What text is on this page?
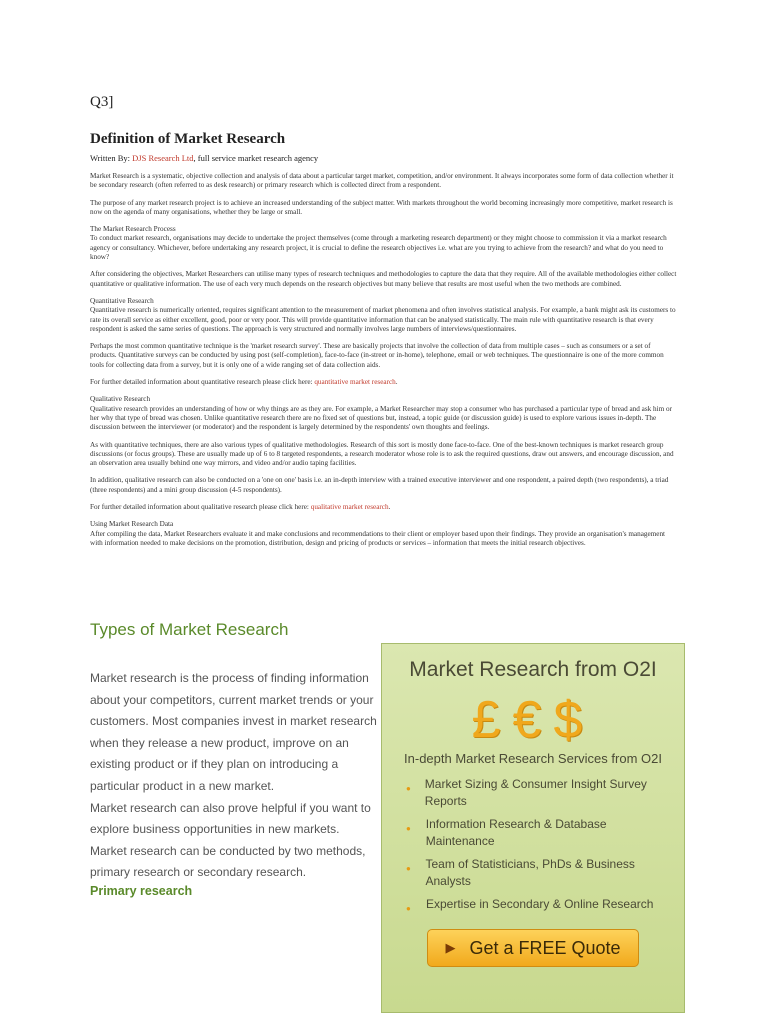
Q3]
Definition of Market Research
Written By: DJS Research Ltd, full service market research agency

Market Research is a systematic, objective collection and analysis of data about a particular target market, competition, and/or environment. It always incorporates some form of data collection whether it be secondary research (often referred to as desk research) or primary research which is collected direct from a respondent.

The purpose of any market research project is to achieve an increased understanding of the subject matter. With markets throughout the world becoming increasingly more competitive, market research is now on the agenda of many organisations, whether they be large or small.

The Market Research Process
To conduct market research, organisations may decide to undertake the project themselves (come through a marketing research department) or they might choose to commission it via a market research agency or consultancy. Whichever, before undertaking any research project, it is crucial to define the research objectives i.e. what are you trying to achieve from the research? and what do you need to know?

After considering the objectives, Market Researchers can utilise many types of research techniques and methodologies to capture the data that they require. All of the available methodologies either collect quantitative or qualitative information. The use of each very much depends on the research objectives but many believe that results are most useful when the two methods are combined.

Quantitative Research
Quantitative research is numerically oriented, requires significant attention to the measurement of market phenomena and often involves statistical analysis. For example, a bank might ask its customers to rate its overall service as either excellent, good, poor or very poor. This will provide quantitative information that can be analysed statistically. The main rule with quantitative research is that every respondent is asked the same series of questions. The approach is very structured and normally involves large numbers of interviews/questionnaires.

Perhaps the most common quantitative technique is the 'market research survey'. These are basically projects that involve the collection of data from multiple cases – such as consumers or a set of products. Quantitative surveys can be conducted by using post (self-completion), face-to-face (in-street or in-home), telephone, email or web techniques. The questionnaire is one of the more common tools for collecting data from a survey, but it is only one of a wide ranging set of data collection aids.

For further detailed information about quantitative research please click here: quantitative market research.

Qualitative Research
Qualitative research provides an understanding of how or why things are as they are. For example, a Market Researcher may stop a consumer who has purchased a particular type of bread and ask him or her why that type of bread was chosen. Unlike quantitative research there are no fixed set of questions but, instead, a topic guide (or discussion guide) is used to explore various issues in-depth. The discussion between the interviewer (or moderator) and the respondent is largely determined by the respondents' own thoughts and feelings.

As with quantitative techniques, there are also various types of qualitative methodologies. Research of this sort is mostly done face-to-face. One of the best-known techniques is market research group discussions (or focus groups). These are usually made up of 6 to 8 targeted respondents, a research moderator whose role is to ask the required questions, draw out answers, and encourage discussion, and an observation area usually behind one way mirrors, and video and/or audio taping facilities.

In addition, qualitative research can also be conducted on a 'one on one' basis i.e. an in-depth interview with a trained executive interviewer and one respondent, a paired depth (two respondents), a triad (three respondents) and a mini group discussion (4-5 respondents).

For further detailed information about qualitative research please click here: qualitative market research.

Using Market Research Data
After compiling the data, Market Researchers evaluate it and make conclusions and recommendations to their client or employer based upon their findings. They provide an organisation's management with information needed to make decisions on the promotion, distribution, design and pricing of products or services – information that meets the initial research objectives.

Types of Market Research

Market research is the process of finding information about your competitors, current market trends or your customers. Most companies invest in market research when they release a new product, improve on an existing product or if they plan on introducing a particular product in a new market.

Market research can also prove helpful if you want to explore business opportunities in new markets.

Market research can be conducted by two methods, primary research or secondary research.

Primary research
Market Research from O2I
£€$
In-depth Market Research Services from O2I
●	Market Sizing & Consumer Insight Survey Reports
●	Information Research & Database Maintenance
●	Team of Statisticians, PhDs & Business Analysts
●	Expertise in Secondary & Online Research
▶ Get a FREE Quote
